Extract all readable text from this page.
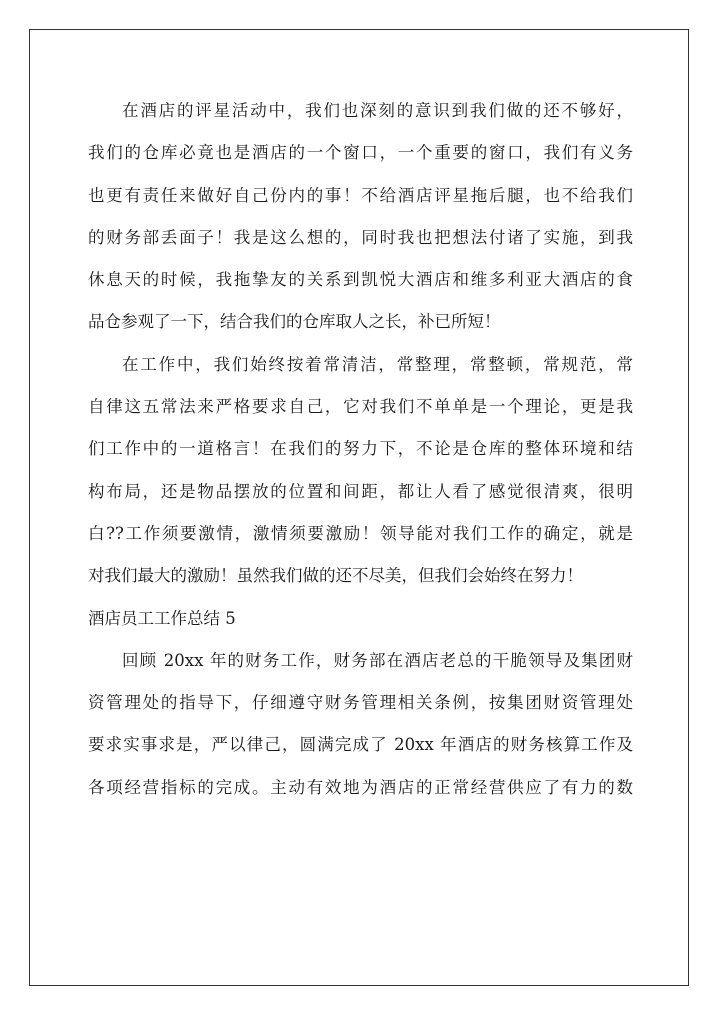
在酒店的评星活动中，我们也深刻的意识到我们做的还不够好，
我们的仓库必竟也是酒店的一个窗口，一个重要的窗口，我们有义务
也更有责任来做好自己份内的事！不给酒店评星拖后腿，也不给我们
的财务部丢面子！我是这么想的，同时我也把想法付诸了实施，到我
休息天的时候，我拖挚友的关系到凯悦大酒店和维多利亚大酒店的食
品仓参观了一下，结合我们的仓库取人之长，补已所短！
在工作中，我们始终按着常清洁，常整理，常整顿，常规范，常
自律这五常法来严格要求自己，它对我们不单单是一个理论，更是我
们工作中的一道格言！在我们的努力下，不论是仓库的整体环境和结
构布局，还是物品摆放的位置和间距，都让人看了感觉很清爽，很明
白??工作须要激情，激情须要激励！领导能对我们工作的确定，就是
对我们最大的激励！虽然我们做的还不尽美，但我们会始终在努力！
酒店员工工作总结 5
回顾 20xx 年的财务工作，财务部在酒店老总的干脆领导及集团财
资管理处的指导下，仔细遵守财务管理相关条例，按集团财资管理处
要求实事求是，严以律己，圆满完成了 20xx 年酒店的财务核算工作及
各项经营指标的完成。主动有效地为酒店的正常经营供应了有力的数
